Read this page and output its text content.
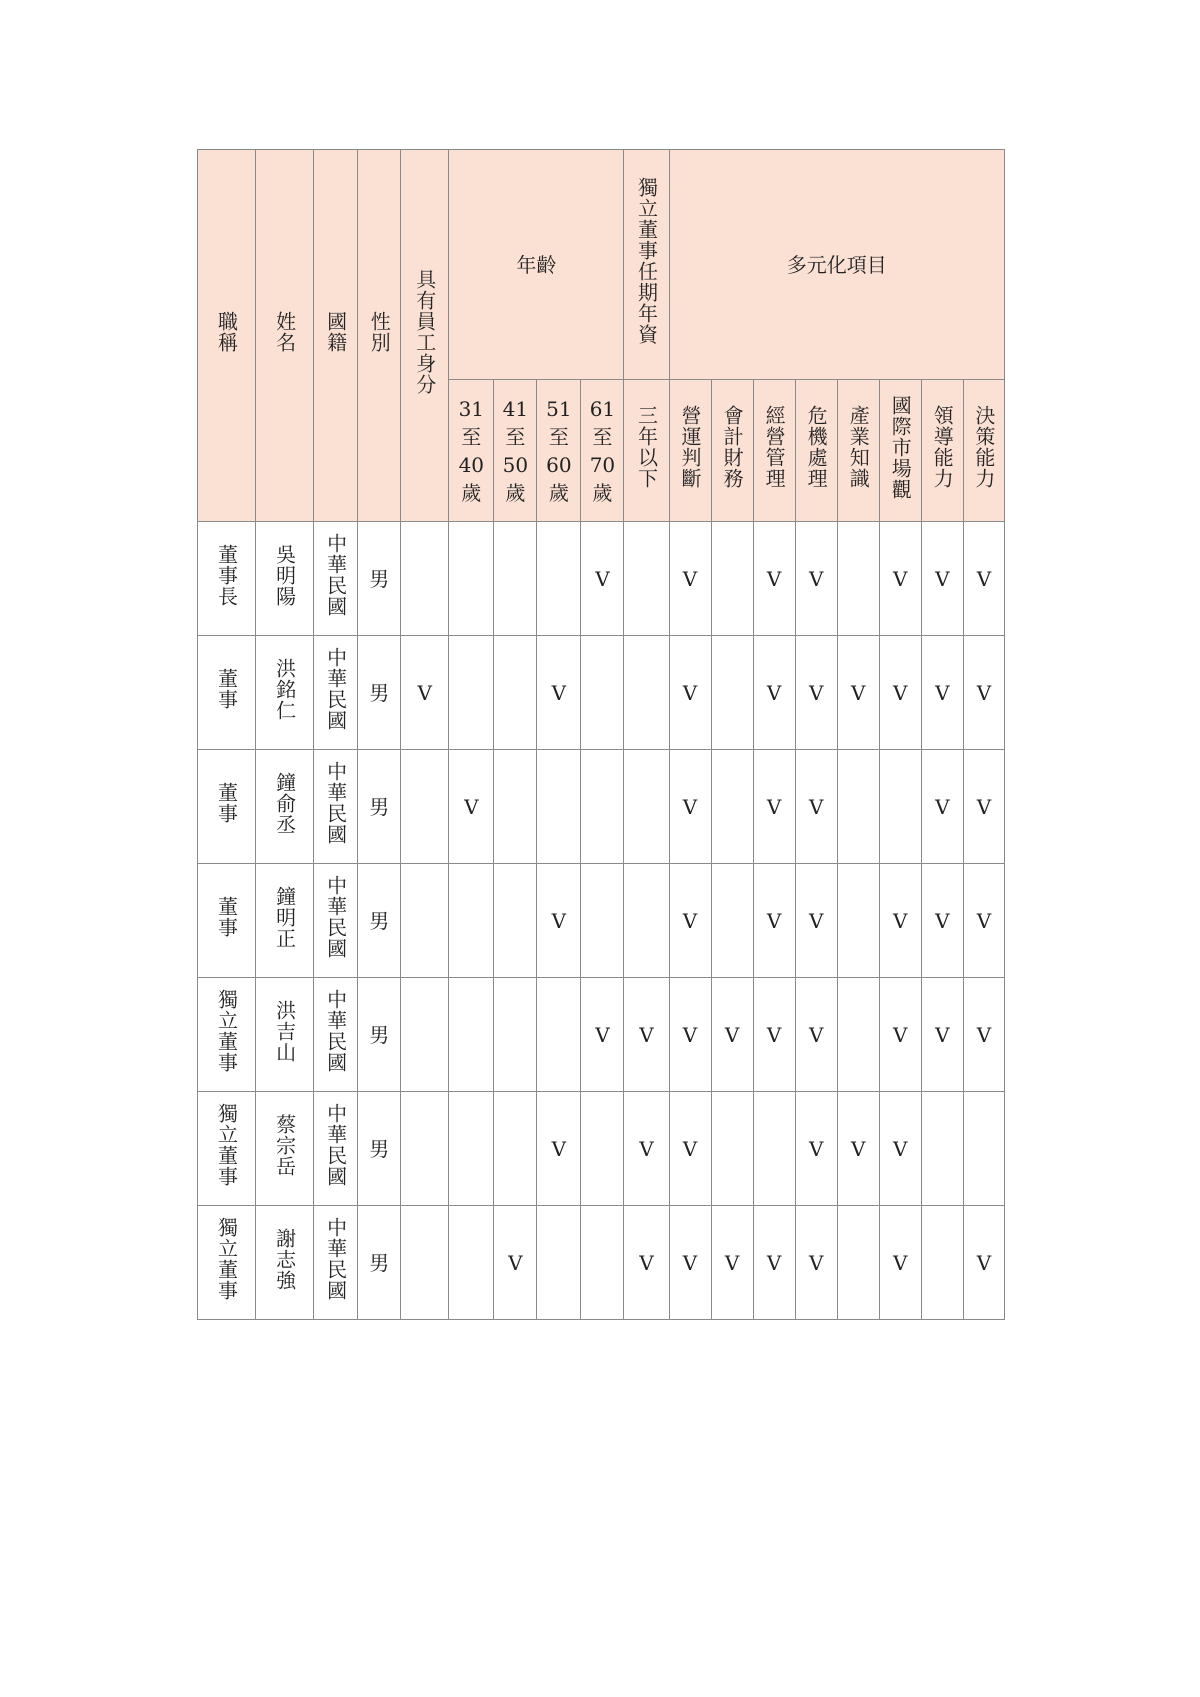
職稱	姓名	國籍	性別	具有員工身分	年齡				獨立董事任期年資	多元化項目							

					31
至
40
歲	41
至
50
歲	51
至
60
歲	61
至
70
歲	三年以下	營運判斷	會計財務	經營管理	危機處理	產業知識	國際市場觀	領導能力	決策能力
董事長	吳明陽	中華民國	男					V		V		V	V		V	V	V
董事	洪銘仁	中華民國	男	V			V			V		V	V	V	V	V	V
董事	鐘俞丞	中華民國	男		V					V		V	V			V	V
董事	鐘明正	中華民國	男				V			V		V	V		V	V	V
獨立董事	洪吉山	中華民國	男					V	V	V	V	V	V		V	V	V
獨立董事	蔡宗岳	中華民國	男				V		V	V			V	V	V		
獨立董事	謝志強	中華民國	男			V			V	V	V	V	V		V		V
